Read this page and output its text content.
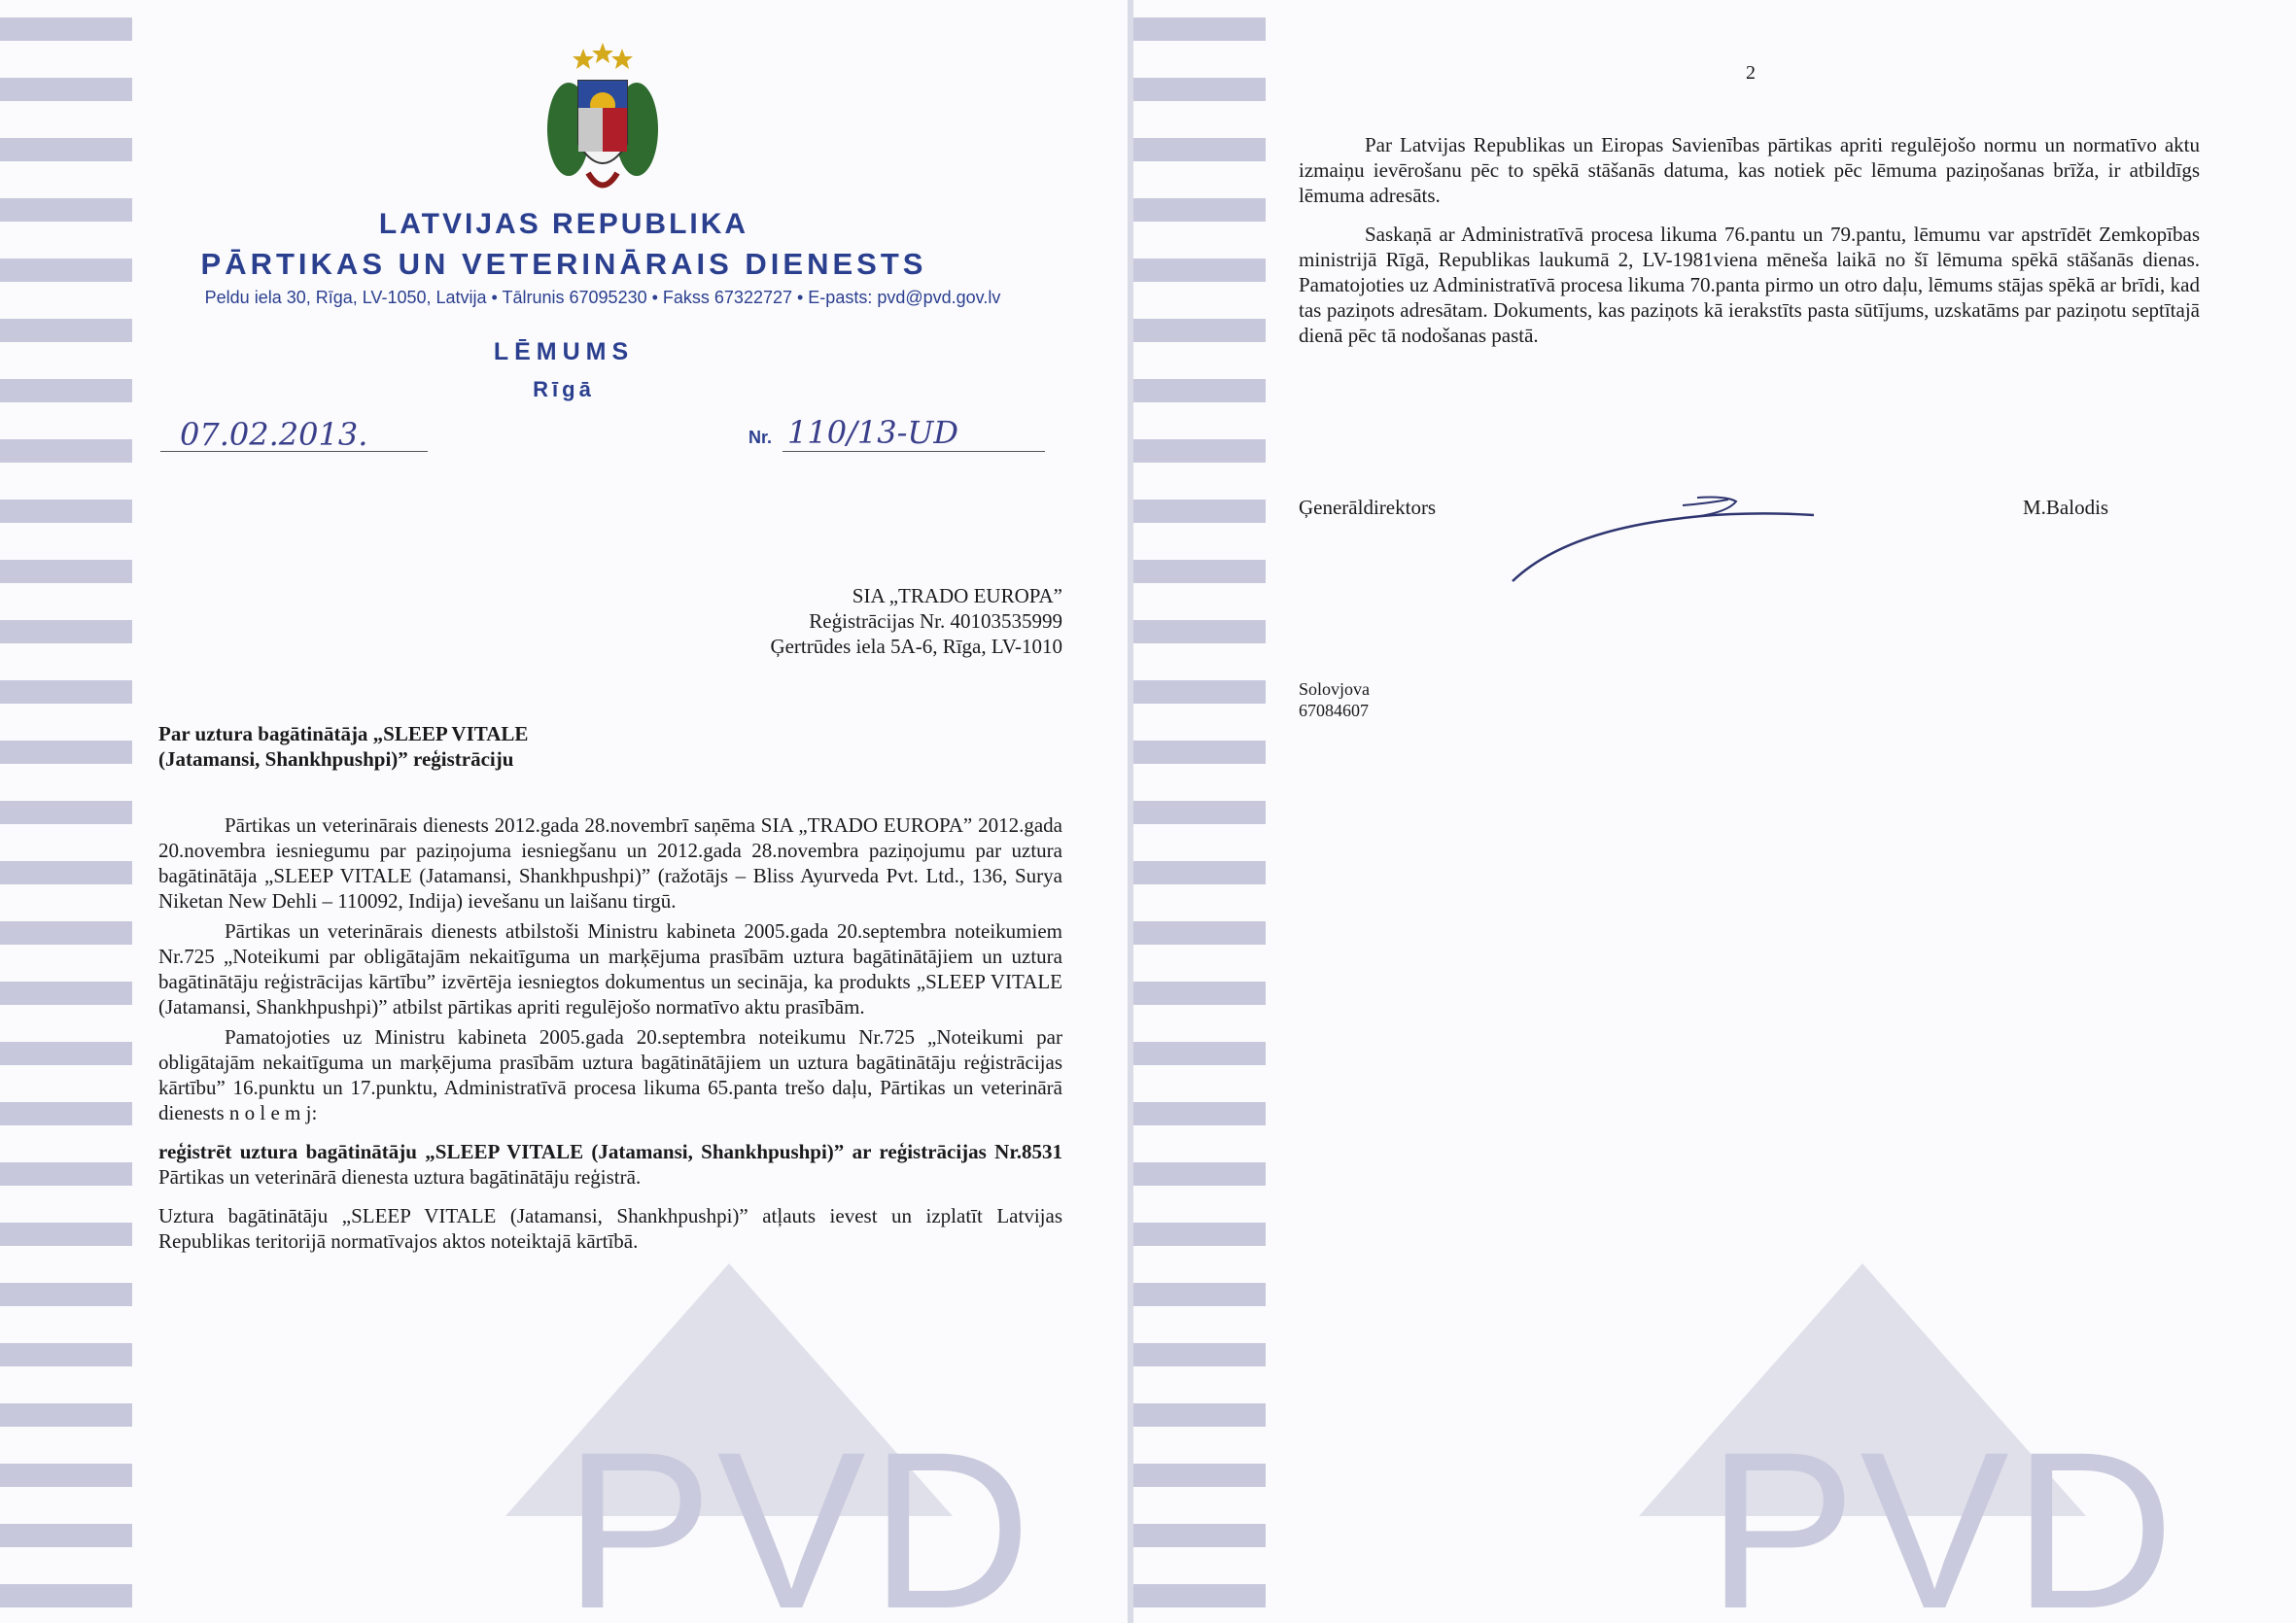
PVD
LATVIJAS REPUBLIKA
PĀRTIKAS UN VETERINĀRAIS DIENESTS
Peldu iela 30, Rīga, LV-1050, Latvija • Tālrunis 67095230 • Fakss 67322727 • E-pasts: pvd@pvd.gov.lv
LĒMUMS
Rīgā
07.02.2013.	Nr. 110/13-UD
SIA „TRADO EUROPA”
Reģistrācijas Nr. 40103535999
Ģertrūdes iela 5A-6, Rīga, LV-1010
Par uztura bagātinātāja „SLEEP VITALE
(Jatamansi, Shankhpushpi)” reģistrāciju

Pārtikas un veterinārais dienests 2012.gada 28.novembrī saņēma SIA „TRADO EUROPA” 2012.gada 20.novembra iesniegumu par paziņojuma iesniegšanu un 2012.gada 28.novembra paziņojumu par uztura bagātinātāja „SLEEP VITALE (Jatamansi, Shankhpushpi)” (ražotājs – Bliss Ayurveda Pvt. Ltd., 136, Surya Niketan New Dehli – 110092, Indija) ievešanu un laišanu tirgū.

Pārtikas un veterinārais dienests atbilstoši Ministru kabineta 2005.gada 20.septembra noteikumiem Nr.725 „Noteikumi par obligātajām nekaitīguma un marķējuma prasībām uztura bagātinātājiem un uztura bagātinātāju reģistrācijas kārtību” izvērtēja iesniegtos dokumentus un secināja, ka produkts „SLEEP VITALE (Jatamansi, Shankhpushpi)” atbilst pārtikas apriti regulējošo normatīvo aktu prasībām.

Pamatojoties uz Ministru kabineta 2005.gada 20.septembra noteikumu Nr.725 „Noteikumi par obligātajām nekaitīguma un marķējuma prasībām uztura bagātinātājiem un uztura bagātinātāju reģistrācijas kārtību” 16.punktu un 17.punktu, Administratīvā procesa likuma 65.panta trešo daļu, Pārtikas un veterinārā dienests n o l e m j:

reģistrēt uztura bagātinātāju „SLEEP VITALE (Jatamansi, Shankhpushpi)” ar reģistrācijas Nr.8531 Pārtikas un veterinārā dienesta uztura bagātinātāju reģistrā.

Uztura bagātinātāju „SLEEP VITALE (Jatamansi, Shankhpushpi)” atļauts ievest un izplatīt Latvijas Republikas teritorijā normatīvajos aktos noteiktajā kārtībā.

PVD
2

Par Latvijas Republikas un Eiropas Savienības pārtikas apriti regulējošo normu un normatīvo aktu izmaiņu ievērošanu pēc to spēkā stāšanās datuma, kas notiek pēc lēmuma paziņošanas brīža, ir atbildīgs lēmuma adresāts.

Saskaņā ar Administratīvā procesa likuma 76.pantu un 79.pantu, lēmumu var apstrīdēt Zemkopības ministrijā Rīgā, Republikas laukumā 2, LV-1981viena mēneša laikā no šī lēmuma spēkā stāšanās dienas. Pamatojoties uz Administratīvā procesa likuma 70.panta pirmo un otro daļu, lēmums stājas spēkā ar brīdi, kad tas paziņots adresātam. Dokuments, kas paziņots kā ierakstīts pasta sūtījums, uzskatāms par paziņotu septītajā dienā pēc tā nodošanas pastā.

Ģenerāldirektors	M.Balodis
Solovjova
67084607
